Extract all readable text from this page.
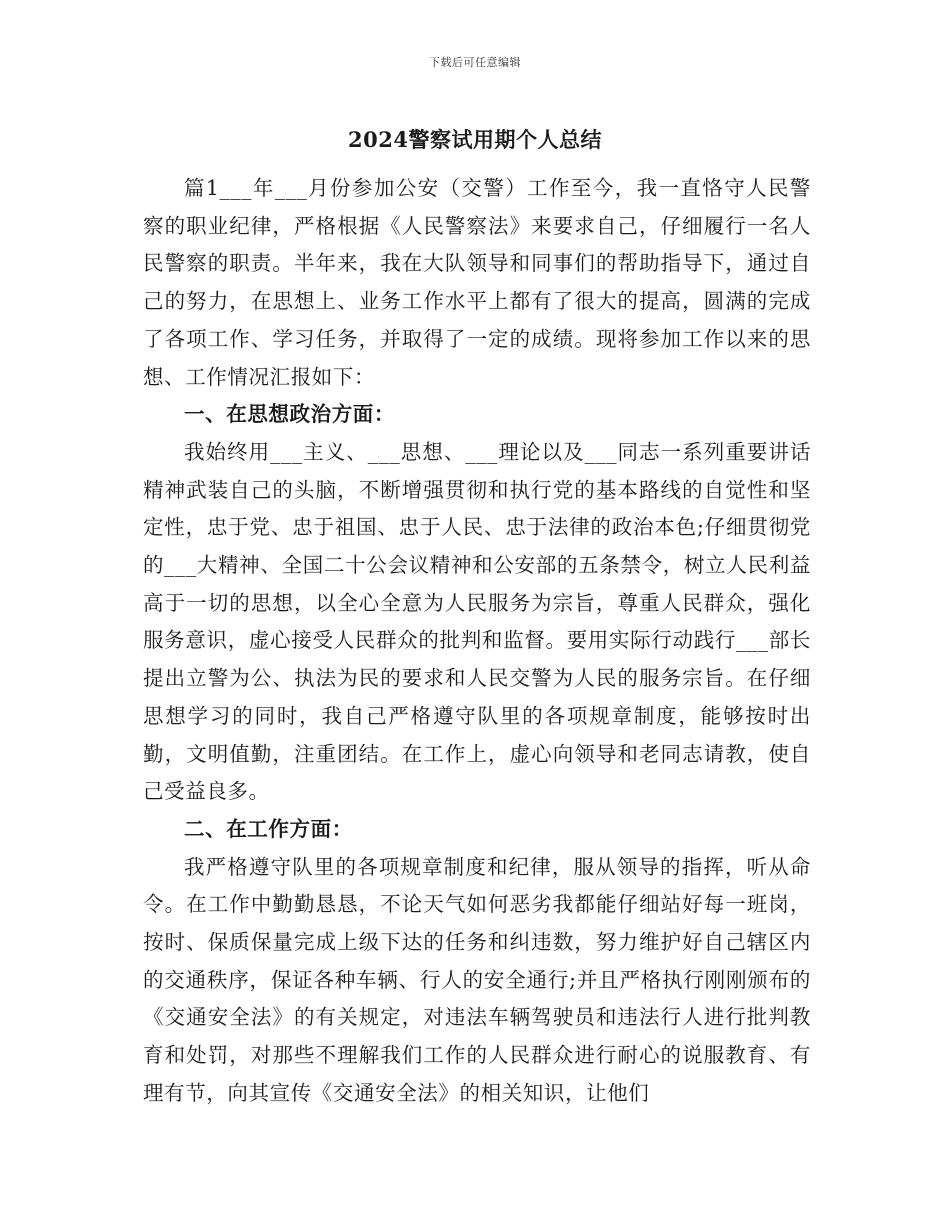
下载后可任意编辑
2024警察试用期个人总结

篇1___年___月份参加公安（交警）工作至今，我一直恪守人民警察的职业纪律，严格根据《人民警察法》来要求自己，仔细履行一名人民警察的职责。半年来，我在大队领导和同事们的帮助指导下，通过自己的努力，在思想上、业务工作水平上都有了很大的提高，圆满的完成了各项工作、学习任务，并取得了一定的成绩。现将参加工作以来的思想、工作情况汇报如下：

一、在思想政治方面：

我始终用___主义、___思想、___理论以及___同志一系列重要讲话精神武装自己的头脑，不断增强贯彻和执行党的基本路线的自觉性和坚定性，忠于党、忠于祖国、忠于人民、忠于法律的政治本色;仔细贯彻党的___大精神、全国二十公会议精神和公安部的五条禁令，树立人民利益高于一切的思想，以全心全意为人民服务为宗旨，尊重人民群众，强化服务意识，虚心接受人民群众的批判和监督。要用实际行动践行___部长提出立警为公、执法为民的要求和人民交警为人民的服务宗旨。在仔细思想学习的同时，我自己严格遵守队里的各项规章制度，能够按时出勤，文明值勤，注重团结。在工作上，虚心向领导和老同志请教，使自己受益良多。

二、在工作方面：

我严格遵守队里的各项规章制度和纪律，服从领导的指挥，听从命令。在工作中勤勤恳恳，不论天气如何恶劣我都能仔细站好每一班岗，按时、保质保量完成上级下达的任务和纠违数，努力维护好自己辖区内的交通秩序，保证各种车辆、行人的安全通行;并且严格执行刚刚颁布的《交通安全法》的有关规定，对违法车辆驾驶员和违法行人进行批判教育和处罚，对那些不理解我们工作的人民群众进行耐心的说服教育、有理有节，向其宣传《交通安全法》的相关知识，让他们
